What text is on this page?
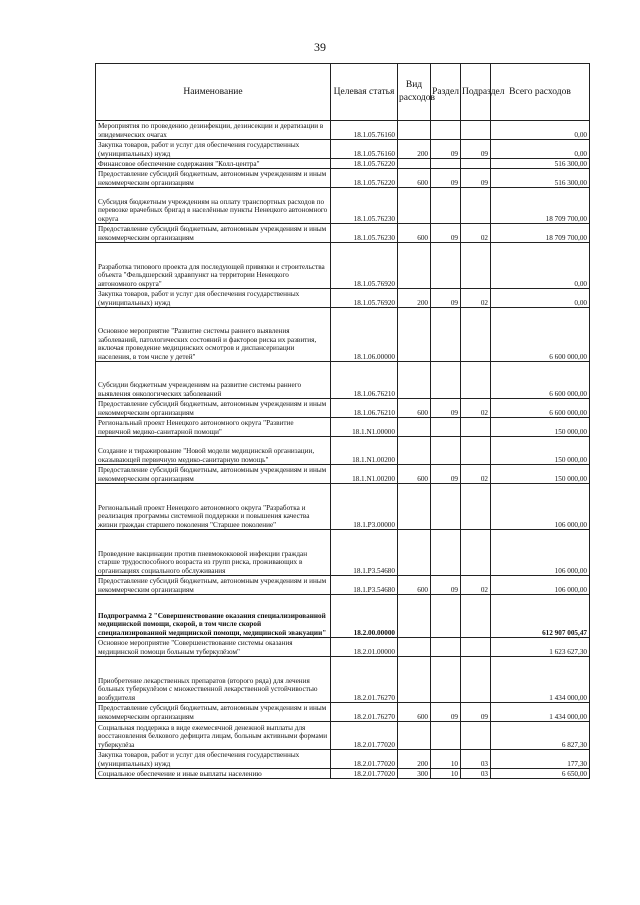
39
Наименование	Целевая статья	Вид расходов	Раздел	Подраздел	Всего расходов
Мероприятия по проведению дезинфекции, дезинсекции и дератизации в эпидемических очагах	18.1.05.76160				0,00
Закупка товаров, работ и услуг для обеспечения государственных (муниципальных) нужд	18.1.05.76160	200	09	09	0,00
Финансовое обеспечение содержания "Колл-центра"	18.1.05.76220				516 300,00
Предоставление субсидий бюджетным, автономным учреждениям и иным некоммерческим организациям	18.1.05.76220	600	09	09	516 300,00
Субсидия бюджетным учреждениям на оплату транспортных расходов по перевозке врачебных бригад в населённые пункты Ненецкого автономного округа	18.1.05.76230				18 709 700,00
Предоставление субсидий бюджетным, автономным учреждениям и иным некоммерческим организациям	18.1.05.76230	600	09	02	18 709 700,00
Разработка типового проекта для последующей привязки и строительства объекта "Фельдшерский здравпункт на территории Ненецкого автономного округа"	18.1.05.76920				0,00
Закупка товаров, работ и услуг для обеспечения государственных (муниципальных) нужд	18.1.05.76920	200	09	02	0,00
Основное мероприятие "Развитие системы раннего выявления заболеваний, патологических состояний и факторов риска их развития, включая проведение медицинских осмотров и диспансеризации населения, в том числе у детей"	18.1.06.00000				6 600 000,00
Субсидии бюджетным учреждениям на развитие системы раннего выявления онкологических заболеваний	18.1.06.76210				6 600 000,00
Предоставление субсидий бюджетным, автономным учреждениям и иным некоммерческим организациям	18.1.06.76210	600	09	02	6 600 000,00
Региональный проект Ненецкого автономного округа "Развитие первичной медико-санитарной помощи"	18.1.N1.00000				150 000,00
Создание и тиражирование "Новой модели медицинской организации, оказывающей первичную медико-санитарную помощь"	18.1.N1.00200				150 000,00
Предоставление субсидий бюджетным, автономным учреждениям и иным некоммерческим организациям	18.1.N1.00200	600	09	02	150 000,00
Региональный проект Ненецкого автономного округа "Разработка и реализация программы системной поддержки и повышения качества жизни граждан старшего поколения "Старшее поколение"	18.1.P3.00000				106 000,00
Проведение вакцинации против пневмококковой инфекции граждан старше трудоспособного возраста из групп риска, проживающих в организациях социального обслуживания	18.1.P3.54680				106 000,00
Предоставление субсидий бюджетным, автономным учреждениям и иным некоммерческим организациям	18.1.P3.54680	600	09	02	106 000,00
Подпрограмма 2 "Совершенствование оказания специализированной медицинской помощи, скорой, в том числе скорой специализированной медицинской помощи, медицинской эвакуации"	18.2.00.00000				612 907 005,47
Основное мероприятие "Совершенствование системы оказания медицинской помощи больным туберкулёзом"	18.2.01.00000				1 623 627,30
Приобретение лекарственных препаратов (второго ряда) для лечения больных туберкулёзом с множественной лекарственной устойчивостью возбудителя	18.2.01.76270				1 434 000,00
Предоставление субсидий бюджетным, автономным учреждениям и иным некоммерческим организациям	18.2.01.76270	600	09	09	1 434 000,00
Социальная поддержка в виде ежемесячной денежной выплаты для восстановления белкового дефицита лицам, больным активными формами туберкулёза	18.2.01.77020				6 827,30
Закупка товаров, работ и услуг для обеспечения государственных (муниципальных) нужд	18.2.01.77020	200	10	03	177,30
Социальное обеспечение и иные выплаты населению	18.2.01.77020	300	10	03	6 650,00
